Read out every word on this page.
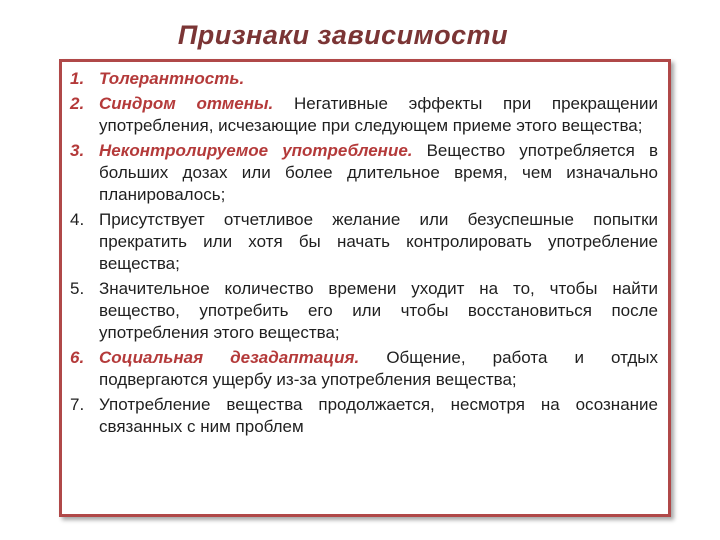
Признаки зависимости
1. Толерантность.
2. Синдром отмены. Негативные эффекты при прекращении употребления, исчезающие при следующем приеме этого вещества;
3. Неконтролируемое употребление. Вещество употребляется в больших дозах или более длительное время, чем изначально планировалось;
4. Присутствует отчетливое желание или безуспешные попытки прекратить или хотя бы начать контролировать употребление вещества;
5. Значительное количество времени уходит на то, чтобы найти вещество, употребить его или чтобы восстановиться после употребления этого вещества;
6. Социальная дезадаптация. Общение, работа и отдых подвергаются ущербу из-за употребления вещества;
7. Употребление вещества продолжается, несмотря на осознание связанных с ним проблем
